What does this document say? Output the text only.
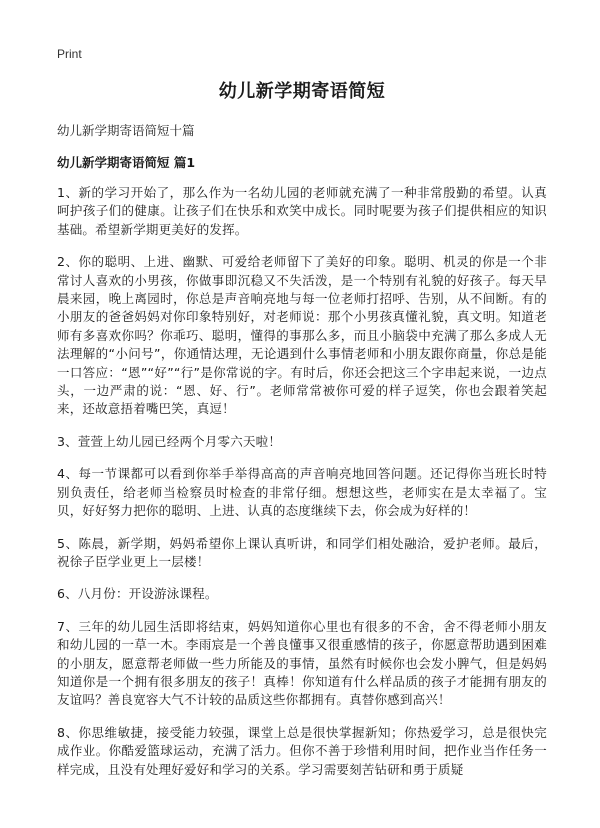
Print
幼儿新学期寄语简短
幼儿新学期寄语简短十篇
幼儿新学期寄语简短 篇1

1、新的学习开始了，那么作为一名幼儿园的老师就充满了一种非常殷勤的希望。认真呵护孩子们的健康。让孩子们在快乐和欢笑中成长。同时呢要为孩子们提供相应的知识基础。希望新学期更美好的发挥。

2、你的聪明、上进、幽默、可爱给老师留下了美好的印象。聪明、机灵的你是一个非常讨人喜欢的小男孩，你做事即沉稳又不失活泼，是一个特别有礼貌的好孩子。每天早晨来园，晚上离园时，你总是声音响亮地与每一位老师打招呼、告别，从不间断。有的小朋友的爸爸妈妈对你印象特别好，对老师说：那个小男孩真懂礼貌，真文明。知道老师有多喜欢你吗？你乖巧、聪明，懂得的事那么多，而且小脑袋中充满了那么多成人无法理解的“小问号”，你通情达理，无论遇到什么事情老师和小朋友跟你商量，你总是能一口答应：“恩”“好”“行”是你常说的字。有时后，你还会把这三个字串起来说，一边点头，一边严肃的说：“恩、好、行”。老师常常被你可爱的样子逗笑，你也会跟着笑起来，还故意捂着嘴巴笑，真逗！

3、萱萱上幼儿园已经两个月零六天啦！

4、每一节课都可以看到你举手举得高高的声音响亮地回答问题。还记得你当班长时特别负责任，给老师当检察员时检查的非常仔细。想想这些，老师实在是太幸福了。宝贝，好好努力把你的聪明、上进、认真的态度继续下去，你会成为好样的！

5、陈晨，新学期，妈妈希望你上课认真听讲，和同学们相处融洽，爱护老师。最后，祝徐子臣学业更上一层楼！

6、八月份：开设游泳课程。

7、三年的幼儿园生活即将结束，妈妈知道你心里也有很多的不舍，舍不得老师小朋友和幼儿园的一草一木。李雨宸是一个善良懂事又很重感情的孩子，你愿意帮助遇到困难的小朋友，愿意帮老师做一些力所能及的事情，虽然有时候你也会发小脾气，但是妈妈知道你是一个拥有很多朋友的孩子！真棒！你知道有什么样品质的孩子才能拥有朋友的友谊吗？善良宽容大气不计较的品质这些你都拥有。真替你感到高兴！

8、你思维敏捷，接受能力较强，课堂上总是很快掌握新知；你热爱学习，总是很快完成作业。你酷爱篮球运动，充满了活力。但你不善于珍惜利用时间，把作业当作任务一样完成，且没有处理好爱好和学习的关系。学习需要刻苦钻研和勇于质疑
